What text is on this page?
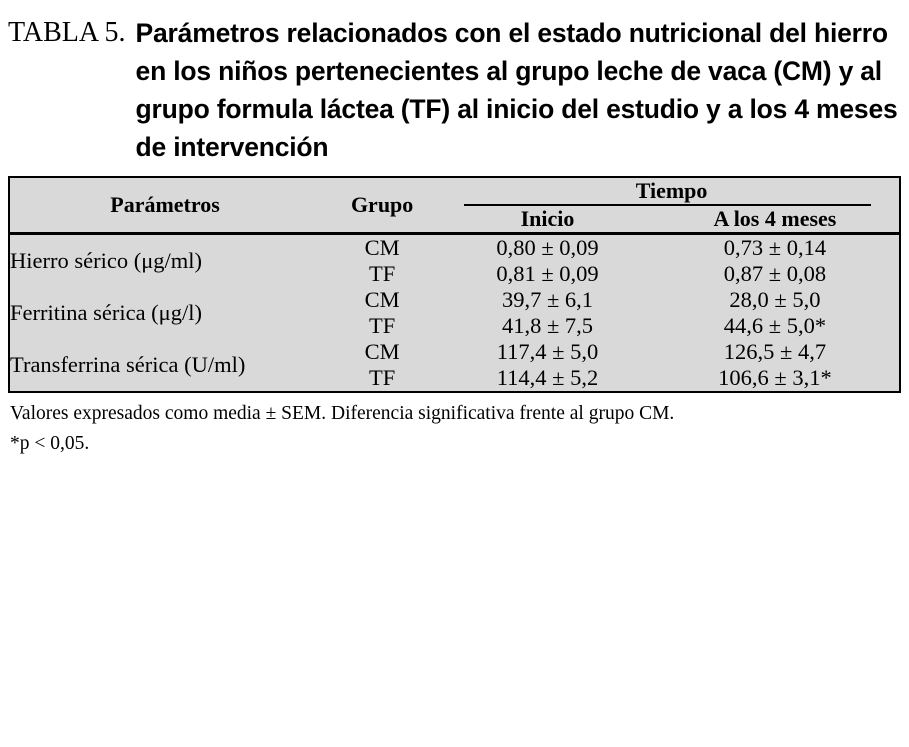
TABLA 5. Parámetros relacionados con el estado nutricional del hierro en los niños pertenecientes al grupo leche de vaca (CM) y al grupo formula láctea (TF) al inicio del estudio y a los 4 meses de intervención
Parámetros	Grupo	Tiempo	

		Inicio	A los 4 meses

Hierro sérico (μg/ml)	CM	0,80 ± 0,09	0,73 ± 0,14
	TF	0,81 ± 0,09	0,87 ± 0,08
Ferritina sérica (μg/l)	CM	39,7 ± 6,1	28,0 ± 5,0
	TF	41,8 ± 7,5	44,6 ± 5,0*
Transferrina sérica (U/ml)	CM	117,4 ± 5,0	126,5 ± 4,7
	TF	114,4 ± 5,2	106,6 ± 3,1*

Valores expresados como media ± SEM. Diferencia significativa frente al grupo CM.

*p < 0,05.
